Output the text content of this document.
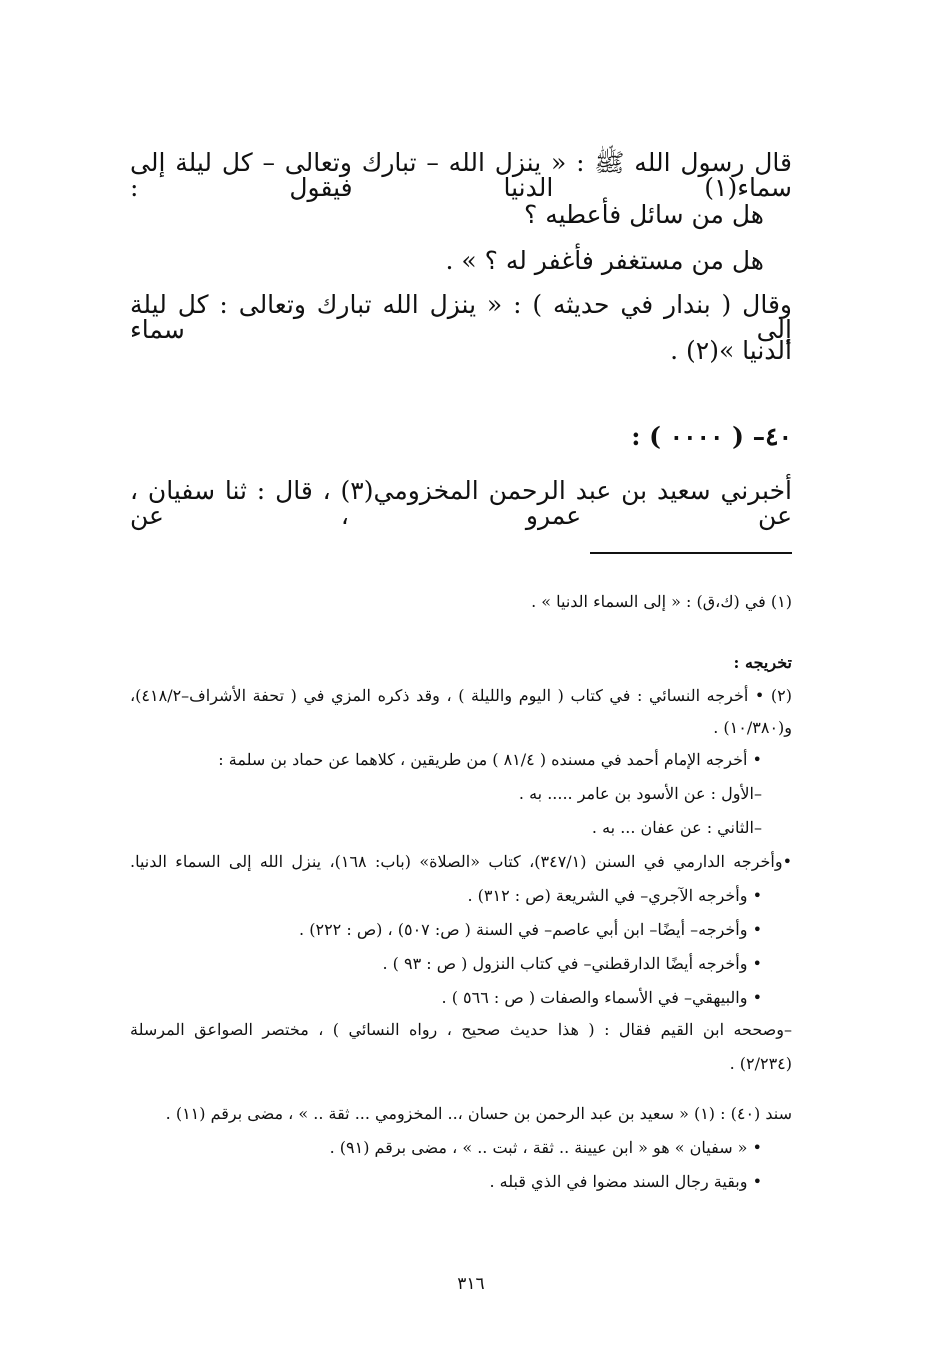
قال رسول الله ﷺ : « ينزل الله – تبارك وتعالى – كل ليلة إلى سماء(١) الدنيا فيقول :
هل من سائل فأعطيه ؟
هل من مستغفر فأغفر له ؟ » .
وقال ( بندار في حديثه ) : « ينزل الله تبارك وتعالى : كل ليلة إلى سماء
الدنيا »(٢) .
٤٠– ( ٠٠٠٠ ) :
أخبرني سعيد بن عبد الرحمن المخزومي(٣) ، قال : ثنا سفيان ، عن عمرو ، عن
(١) في (ك،ق) : « إلى السماء الدنيا » .
تخريجه :
(٢) • أخرجه النسائي : في كتاب ( اليوم والليلة ) ، وقد ذكره المزي في ( تحفة الأشراف–٤١٨/٢)،
و(١٠/٣٨٠) .
• أخرجه الإمام أحمد في مسنده ( ٨١/٤ ) من طريقين ، كلاهما عن حماد بن سلمة :
–الأول : عن الأسود بن عامر ..... به .
–الثاني : عن عفان ... به .
•وأخرجه الدارمي في السنن (٣٤٧/١)، كتاب «الصلاة» (باب: ١٦٨)، ينزل الله إلى السماء الدنيا.
• وأخرجه الآجري– في الشريعة (ص : ٣١٢) .
• وأخرجه– أيضًا– ابن أبي عاصم– في السنة ( ص: ٥٠٧) ، (ص : ٢٢٢) .
• وأخرجه أيضًا الدارقطني– في كتاب النزول ( ص : ٩٣ ) .
• والبيهقي– في الأسماء والصفات ( ص : ٥٦٦ ) .
–وصححه ابن القيم فقال : ( هذا حديث صحيح ، رواه النسائي ) ، مختصر الصواعق المرسلة
(٢/٢٣٤) .
سند (٤٠) : (١) « سعيد بن عبد الرحمن بن حسان ،.. المخزومي ... ثقة .. » ، مضى برقم (١١) .
• « سفيان » هو « ابن عيينة .. ثقة ، ثبت .. » ، مضى برقم (٩١) .
• وبقية رجال السند مضوا في الذي قبله .
٣١٦
